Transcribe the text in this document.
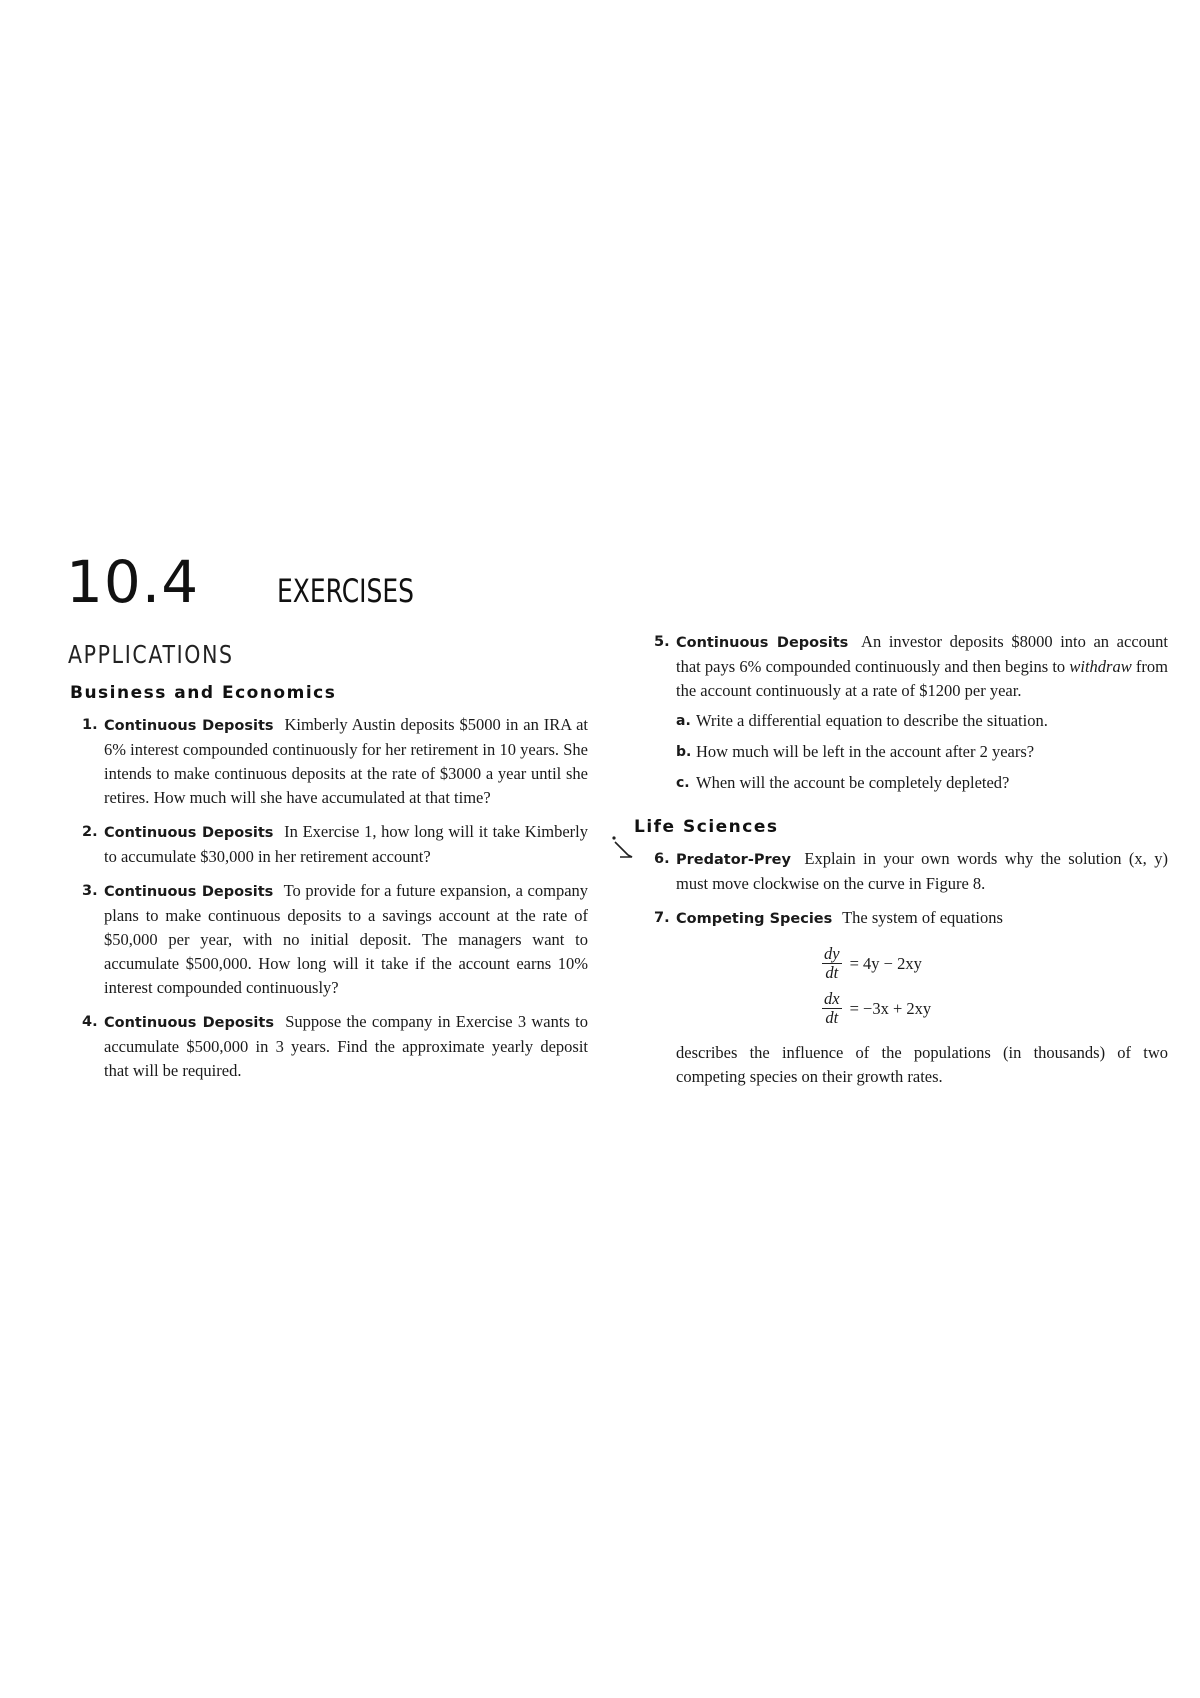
10.4 EXERCISES
APPLICATIONS
Business and Economics
1. Continuous Deposits Kimberly Austin deposits $5000 in an IRA at 6% interest compounded continuously for her retirement in 10 years. She intends to make continuous deposits at the rate of $3000 a year until she retires. How much will she have accumulated at that time?
2. Continuous Deposits In Exercise 1, how long will it take Kimberly to accumulate $30,000 in her retirement account?
3. Continuous Deposits To provide for a future expansion, a company plans to make continuous deposits to a savings account at the rate of $50,000 per year, with no initial deposit. The managers want to accumulate $500,000. How long will it take if the account earns 10% interest compounded continuously?
4. Continuous Deposits Suppose the company in Exercise 3 wants to accumulate $500,000 in 3 years. Find the approximate yearly deposit that will be required.
5. Continuous Deposits An investor deposits $8000 into an account that pays 6% compounded continuously and then begins to withdraw from the account continuously at a rate of $1200 per year.
a. Write a differential equation to describe the situation.
b. How much will be left in the account after 2 years?
c. When will the account be completely depleted?
Life Sciences
6. Predator-Prey Explain in your own words why the solution (x, y) must move clockwise on the curve in Figure 8.
7. Competing Species The system of equations
$\frac{dy}{dt} = 4y - 2xy$
$\frac{dx}{dt} = -3x + 2xy$
describes the influence of the populations (in thousands) of two competing species on their growth rates.
